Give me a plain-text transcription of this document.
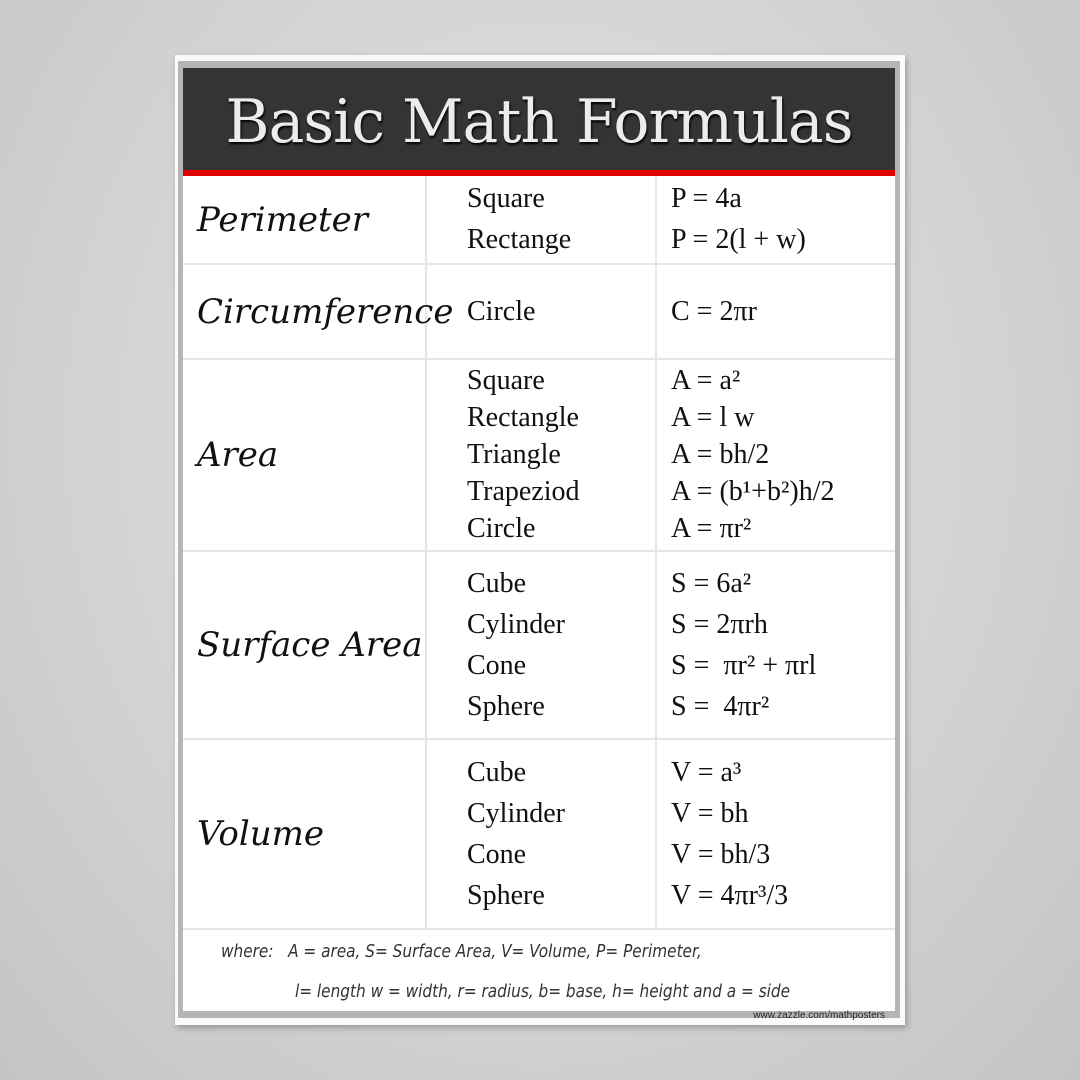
Basic Math Formulas
Perimeter
Square
Rectange
P = 4a
P = 2(l + w)
Circumference Circle	C = 2πr
Area
Square
Rectangle
Triangle
Trapeziod
Circle
A = a²
A = l w
A = bh/2
A = (b¹+b²)h/2
A = πr²
Surface Area
Cube
Cylinder
Cone
Sphere
S = 6a²
S = 2πrh
S =  πr² + πrl
S =  4πr²
Volume
Cube
Cylinder
Cone
Sphere
V = a³
V = bh
V = bh/3
V = 4πr³/3
where:   A = area, S= Surface Area, V= Volume, P= Perimeter,
l= length w = width, r= radius, b= base, h= height and a = side
www.zazzle.com/mathposters
